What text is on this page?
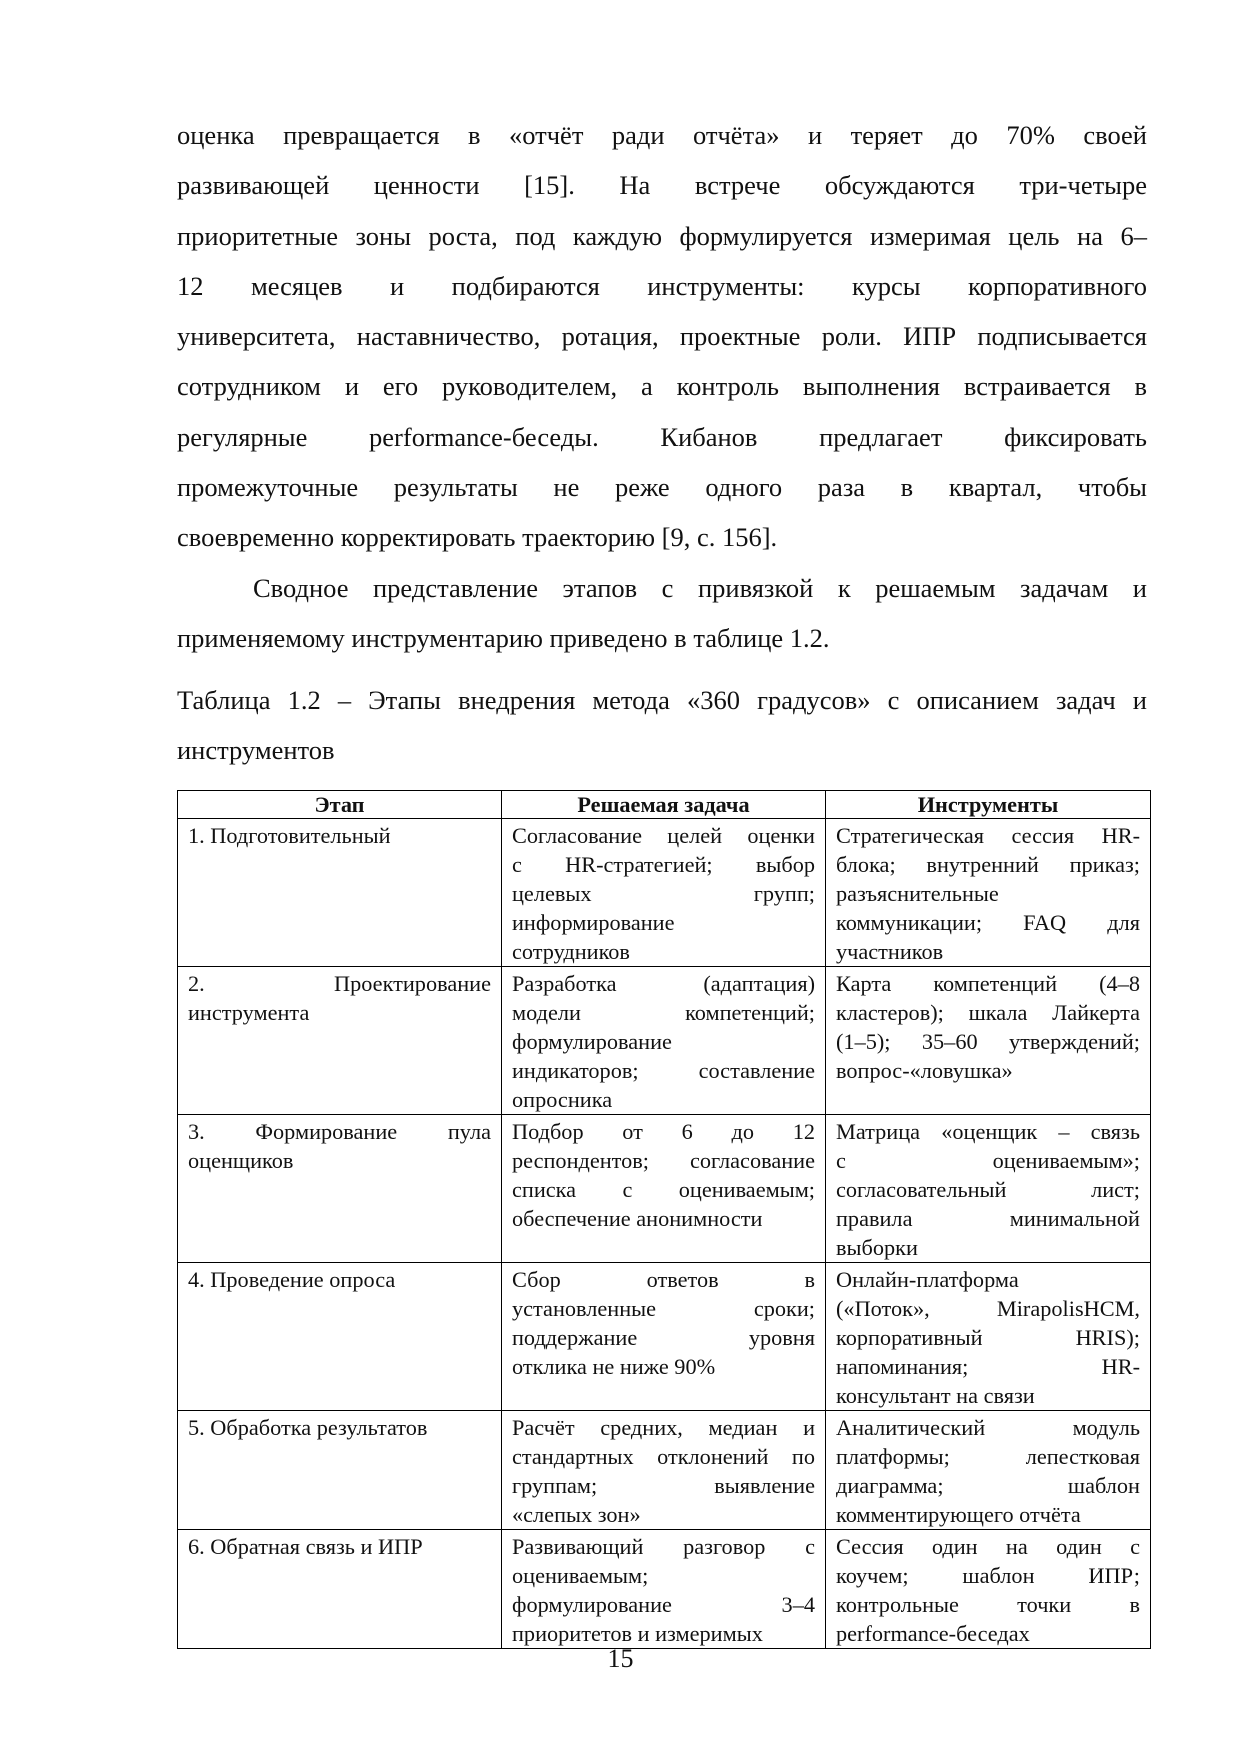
оценка превращается в «отчёт ради отчёта» и теряет до 70% своей
развивающей ценности [15]. На встрече обсуждаются три-четыре
приоритетные зоны роста, под каждую формулируется измеримая цель на 6–
12 месяцев и подбираются инструменты: курсы корпоративного
университета, наставничество, ротация, проектные роли. ИПР подписывается
сотрудником и его руководителем, а контроль выполнения встраивается в
регулярные performance-беседы. Кибанов предлагает фиксировать
промежуточные результаты не реже одного раза в квартал, чтобы
своевременно корректировать траекторию [9, с. 156].
Сводное представление этапов с привязкой к решаемым задачам и
применяемому инструментарию приведено в таблице 1.2.
Таблица 1.2 – Этапы внедрения метода «360 градусов» с описанием задач и
инструментов
Этап	Решаемая задача	Инструменты

1. Подготовительный	Согласование целей оценки
с HR-стратегией; выбор
целевых групп;
информирование
сотрудников	Стратегическая сессия HR-
блока; внутренний приказ;
разъяснительные
коммуникации; FAQ для
участников

2. Проектирование
инструмента	Разработка (адаптация)
модели компетенций;
формулирование
индикаторов; составление
опросника	Карта компетенций (4–8
кластеров); шкала Лайкерта
(1–5); 35–60 утверждений;
вопрос-«ловушка»

3. Формирование пула
оценщиков	Подбор от 6 до 12
респондентов; согласование
списка с оцениваемым;
обеспечение анонимности	Матрица «оценщик – связь
с оцениваемым»;
согласовательный лист;
правила минимальной
выборки

4. Проведение опроса	Сбор ответов в
установленные сроки;
поддержание уровня
отклика не ниже 90%	Онлайн-платформа
(«Поток», MirapolisHCM,
корпоративный HRIS);
напоминания; HR-
консультант на связи

5. Обработка результатов	Расчёт средних, медиан и
стандартных отклонений по
группам; выявление
«слепых зон»	Аналитический модуль
платформы; лепестковая
диаграмма; шаблон
комментирующего отчёта

6. Обратная связь и ИПР	Развивающий разговор с
оцениваемым;
формулирование 3–4
приоритетов и измеримых	Сессия один на один с
коучем; шаблон ИПР;
контрольные точки в
performance-беседах
15
